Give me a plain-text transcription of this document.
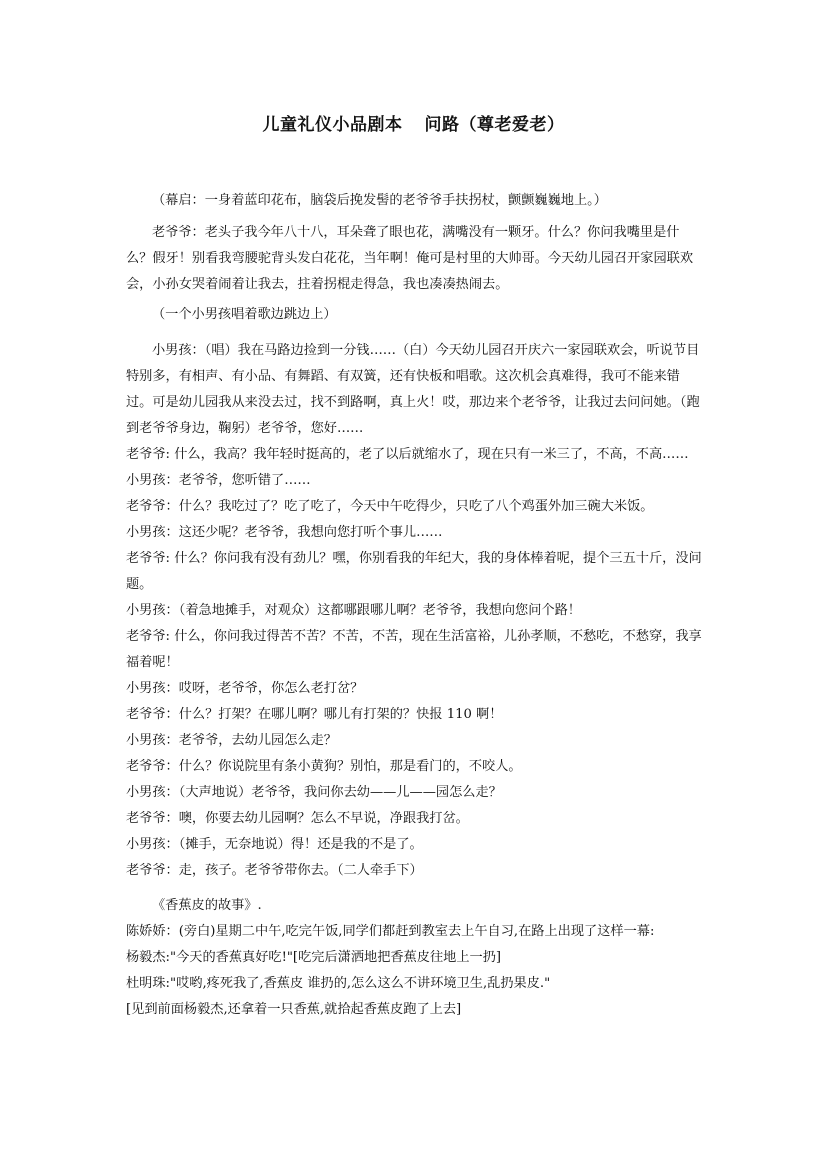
儿童礼仪小品剧本 问路（尊老爱老）

（幕启：一身着蓝印花布，脑袋后挽发髻的老爷爷手扶拐杖，颤颤巍巍地上。）

老爷爷：老头子我今年八十八，耳朵聋了眼也花，满嘴没有一颗牙。什么？你问我嘴里是什么？假牙！别看我弯腰驼背头发白花花，当年啊！俺可是村里的大帅哥。今天幼儿园召开家园联欢会，小孙女哭着闹着让我去，拄着拐棍走得急，我也凑凑热闹去。

（一个小男孩唱着歌边跳边上）

小男孩：（唱）我在马路边捡到一分钱……（白）今天幼儿园召开庆六一家园联欢会，听说节目特别多，有相声、有小品、有舞蹈、有双簧，还有快板和唱歌。这次机会真难得，我可不能来错过。可是幼儿园我从来没去过，找不到路啊，真上火！哎，那边来个老爷爷，让我过去问问她。（跑到老爷爷身边，鞠躬）老爷爷，您好……

老爷爷: 什么，我高？我年轻时挺高的，老了以后就缩水了，现在只有一米三了，不高，不高……

小男孩：老爷爷，您听错了……

老爷爷：什么？我吃过了？吃了吃了，今天中午吃得少，只吃了八个鸡蛋外加三碗大米饭。

小男孩：这还少呢？老爷爷，我想向您打听个事儿……

老爷爷: 什么？你问我有没有劲儿？嘿，你别看我的年纪大，我的身体棒着呢，提个三五十斤，没问题。

小男孩：（着急地摊手，对观众）这都哪跟哪儿啊？老爷爷，我想向您问个路！

老爷爷: 什么，你问我过得苦不苦？不苦，不苦，现在生活富裕，儿孙孝顺，不愁吃，不愁穿，我享福着呢！

小男孩：哎呀，老爷爷，你怎么老打岔？

老爷爷：什么？打架？在哪儿啊？哪儿有打架的？快报 110 啊！

小男孩：老爷爷，去幼儿园怎么走？

老爷爷：什么？你说院里有条小黄狗？别怕，那是看门的，不咬人。

小男孩：（大声地说）老爷爷，我问你去幼——儿——园怎么走？

老爷爷：噢，你要去幼儿园啊？怎么不早说，净跟我打岔。

小男孩：（摊手，无奈地说）得！还是我的不是了。

老爷爷：走，孩子。老爷爷带你去。（二人牵手下）

《香蕉皮的故事》.

陈娇娇：(旁白)星期二中午,吃完午饭,同学们都赶到教室去上午自习,在路上出现了这样一幕:

杨毅杰:"今天的香蕉真好吃!"[吃完后潇洒地把香蕉皮往地上一扔]

杜明珠:"哎哟,疼死我了,香蕉皮 谁扔的,怎么这么不讲环境卫生,乱扔果皮."

[见到前面杨毅杰,还拿着一只香蕉,就拾起香蕉皮跑了上去]
